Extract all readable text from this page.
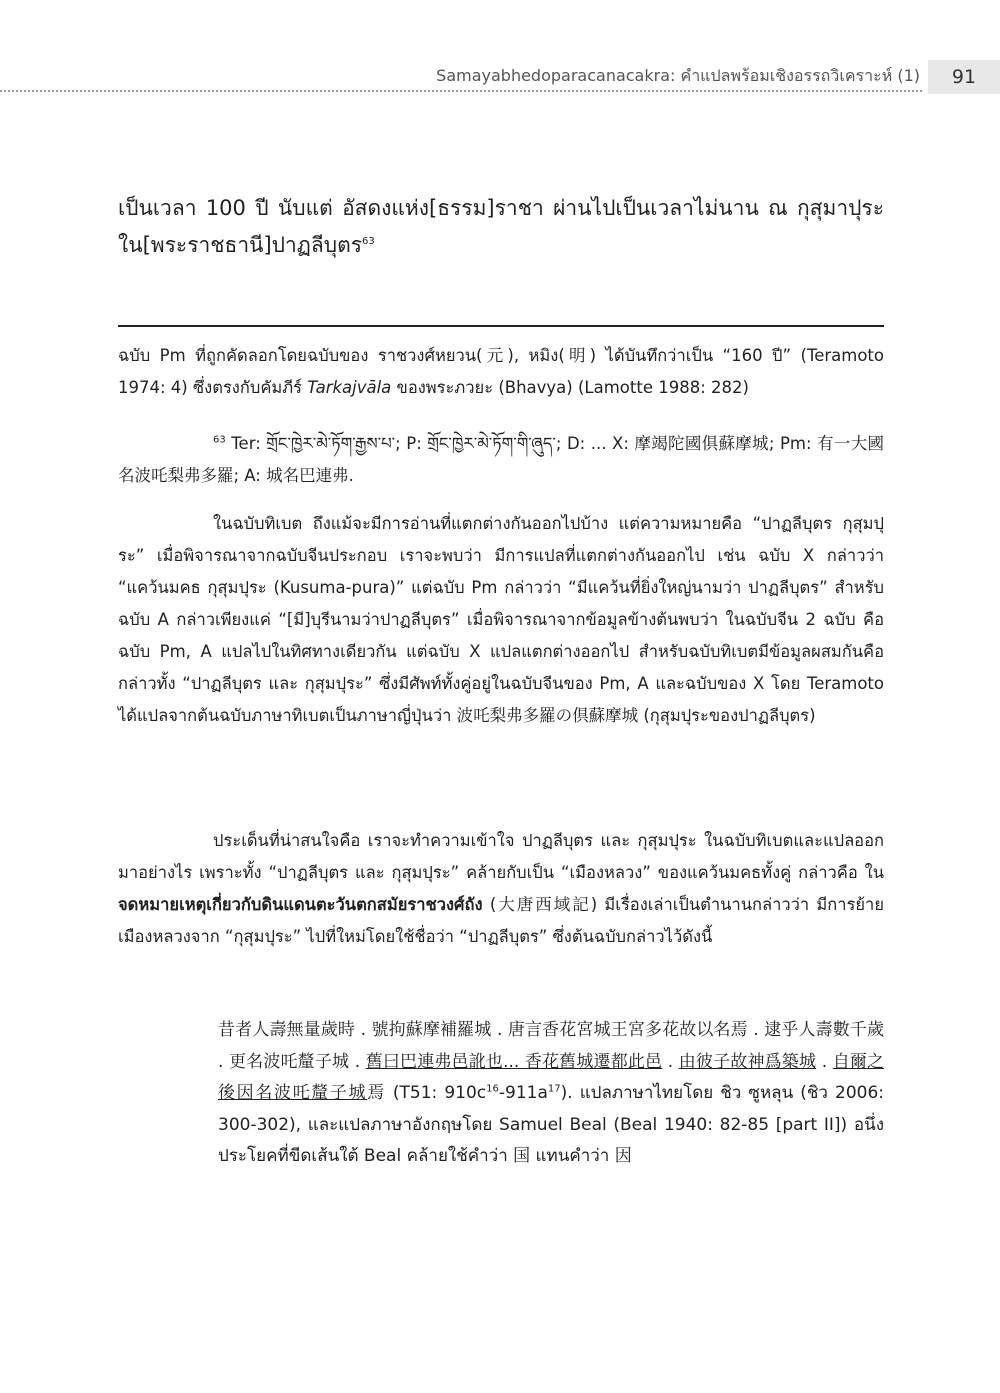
Samayabhedoparacanacakra: คำแปลพร้อมเชิงอรรถวิเคราะห์ (1)	91
เป็นเวลา 100 ปี นับแต่ อัสดงแห่ง[ธรรม]ราชา ผ่านไปเป็นเวลาไม่นาน ณ กุสุมาปุระ ใน[พระราชธานี]ปาฏลีบุตร$^{63}$

ฉบับ Pm ที่ถูกคัดลอกโดยฉบับของ ราชวงศ์หยวน(元), หมิง(明) ได้บันทึกว่าเป็น “160 ปี” (Teramoto 1974: 4) ซึ่งตรงกับคัมภีร์ Tarkajvāla ของพระภวยะ (Bhavya) (Lamotte 1988: 282)

$^{63}$ Ter: གྲོང་ཁྱེར་མེ་ཏོག་རྒྱས་པ་; P: གྲོང་ཁྱེར་མེ་ཏོག་གི་ཞུད་; D: ... X: 摩竭陀國俱蘇摩城; Pm: 有一大國名波吒梨弗多羅; A: 城名巴連弗.

ในฉบับทิเบต ถึงแม้จะมีการอ่านที่แตกต่างกันออกไปบ้าง แต่ความหมายคือ “ปาฏลีบุตร กุสุมปุระ” เมื่อพิจารณาจากฉบับจีนประกอบ เราจะพบว่า มีการแปลที่แตกต่างกันออกไป เช่น ฉบับ X กล่าวว่า “แคว้นมคธ กุสุมปุระ (Kusuma-pura)” แต่ฉบับ Pm กล่าวว่า “มีแคว้นที่ยิ่งใหญ่นามว่า ปาฏลีบุตร” สำหรับฉบับ A กล่าวเพียงแค่ “[มี]บุรีนามว่าปาฏลีบุตร” เมื่อพิจารณาจากข้อมูลข้างต้นพบว่า ในฉบับจีน 2 ฉบับ คือ ฉบับ Pm, A แปลไปในทิศทางเดียวกัน แต่ฉบับ X แปลแตกต่างออกไป สำหรับฉบับทิเบตมีข้อมูลผสมกันคือ กล่าวทั้ง “ปาฏลีบุตร และ กุสุมปุระ” ซึ่งมีศัพท์ทั้งคู่อยู่ในฉบับจีนของ Pm, A และฉบับของ X โดย Teramoto ได้แปลจากต้นฉบับภาษาทิเบตเป็นภาษาญี่ปุ่นว่า 波吒梨弗多羅の倶蘇摩城 (กุสุมปุระของปาฏลีบุตร)

ประเด็นที่น่าสนใจคือ เราจะทำความเข้าใจ ปาฏลีบุตร และ กุสุมปุระ ในฉบับทิเบตและแปลออกมาอย่างไร เพราะทั้ง “ปาฏลีบุตร และ กุสุมปุระ” คล้ายกับเป็น “เมืองหลวง” ของแคว้นมคธทั้งคู่ กล่าวคือ ในจดหมายเหตุเกี่ยวกับดินแดนตะวันตกสมัยราชวงศ์ถัง (大唐西域記) มีเรื่องเล่าเป็นตำนานกล่าวว่า มีการย้ายเมืองหลวงจาก “กุสุมปุระ” ไปที่ใหม่โดยใช้ชื่อว่า “ปาฏลีบุตร” ซึ่งต้นฉบับกล่าวไว้ดังนี้

昔者人壽無量歲時 . 號拘蘇摩補羅城 . 唐言香花宮城王宮多花故以名焉 . 逮乎人壽數千歲 . 更名波吒釐子城 . 舊曰巴連弗邑訛也... 香花舊城遷都此邑 . 由彼子故神爲築城 . 自爾之後因名波吒釐子城焉 (T51: $910c^{16}-911a^{17}$). แปลภาษาไทยโดย ชิว ซูหลุน (ชิว 2006: 300-302), และแปลภาษาอังกฤษโดย Samuel Beal (Beal 1940: 82-85 [part II]) อนึ่งประโยคที่ขีดเส้นใต้ Beal คล้ายใช้คำว่า 国 แทนคำว่า 因
